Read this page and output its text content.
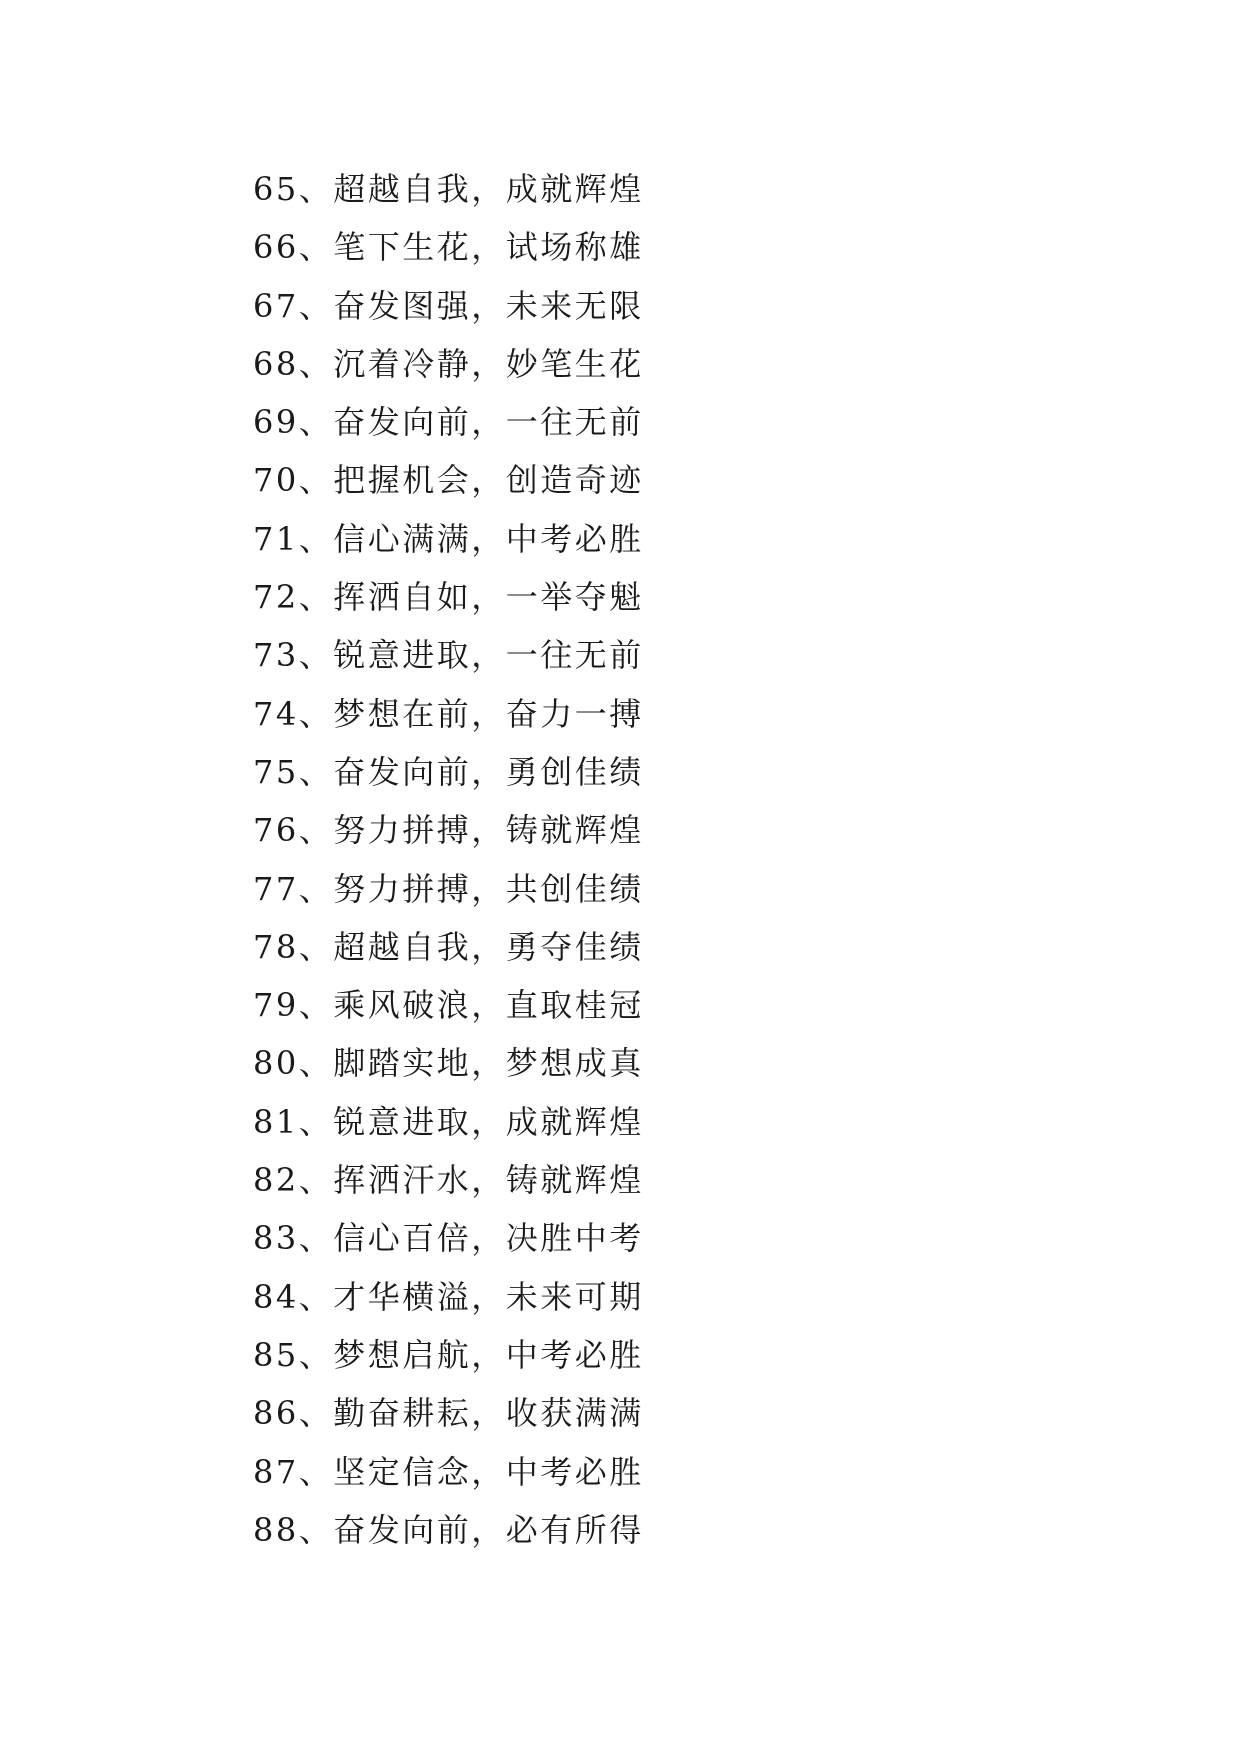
65、超越自我，成就辉煌
66、笔下生花，试场称雄
67、奋发图强，未来无限
68、沉着冷静，妙笔生花
69、奋发向前，一往无前
70、把握机会，创造奇迹
71、信心满满，中考必胜
72、挥洒自如，一举夺魁
73、锐意进取，一往无前
74、梦想在前，奋力一搏
75、奋发向前，勇创佳绩
76、努力拼搏，铸就辉煌
77、努力拼搏，共创佳绩
78、超越自我，勇夺佳绩
79、乘风破浪，直取桂冠
80、脚踏实地，梦想成真
81、锐意进取，成就辉煌
82、挥洒汗水，铸就辉煌
83、信心百倍，决胜中考
84、才华横溢，未来可期
85、梦想启航，中考必胜
86、勤奋耕耘，收获满满
87、坚定信念，中考必胜
88、奋发向前，必有所得
